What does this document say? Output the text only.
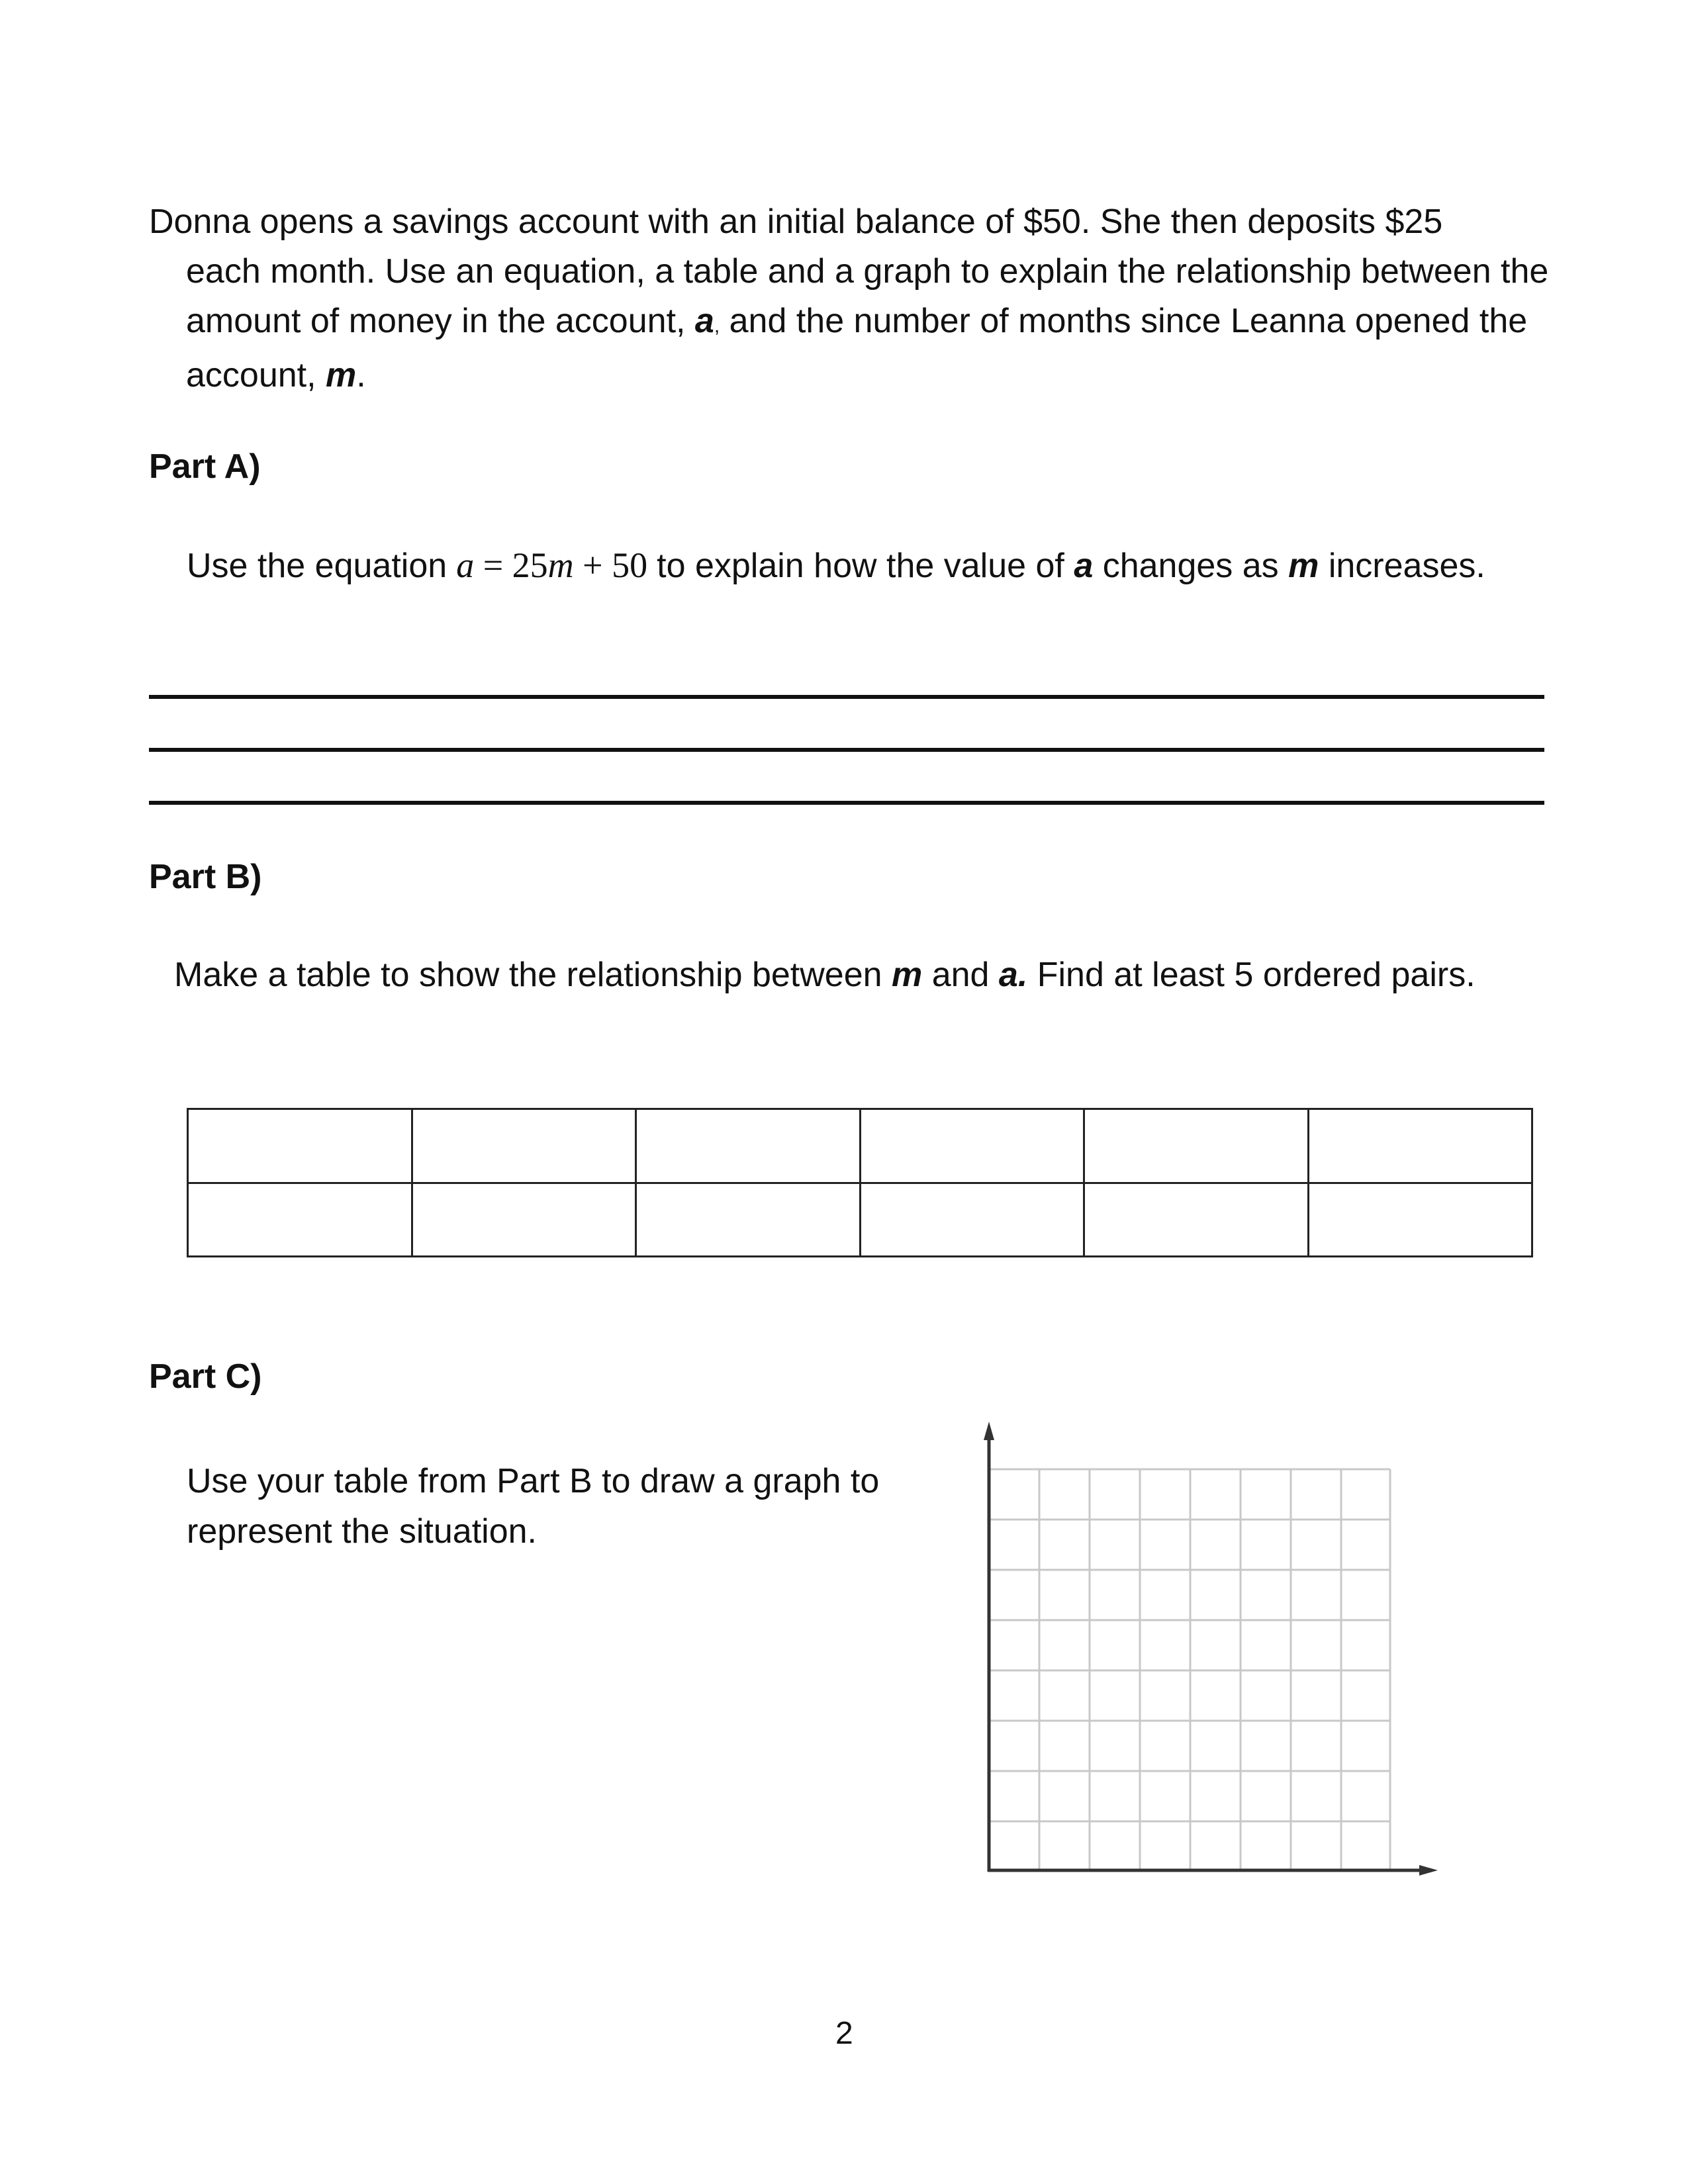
Donna opens a savings account with an initial balance of $50. She then deposits $25
each month. Use an equation, a table and a graph to explain the relationship between the amount of money in the account, a, and the number of months since Leanna opened the account, m.
Part A)
Use the equation a = 25m + 50 to explain how the value of a changes as m increases.
Part B)
Make a table to show the relationship between m and a. Find at least 5 ordered pairs.

Part C)
Use your table from Part B to draw a graph to represent the situation.
2
